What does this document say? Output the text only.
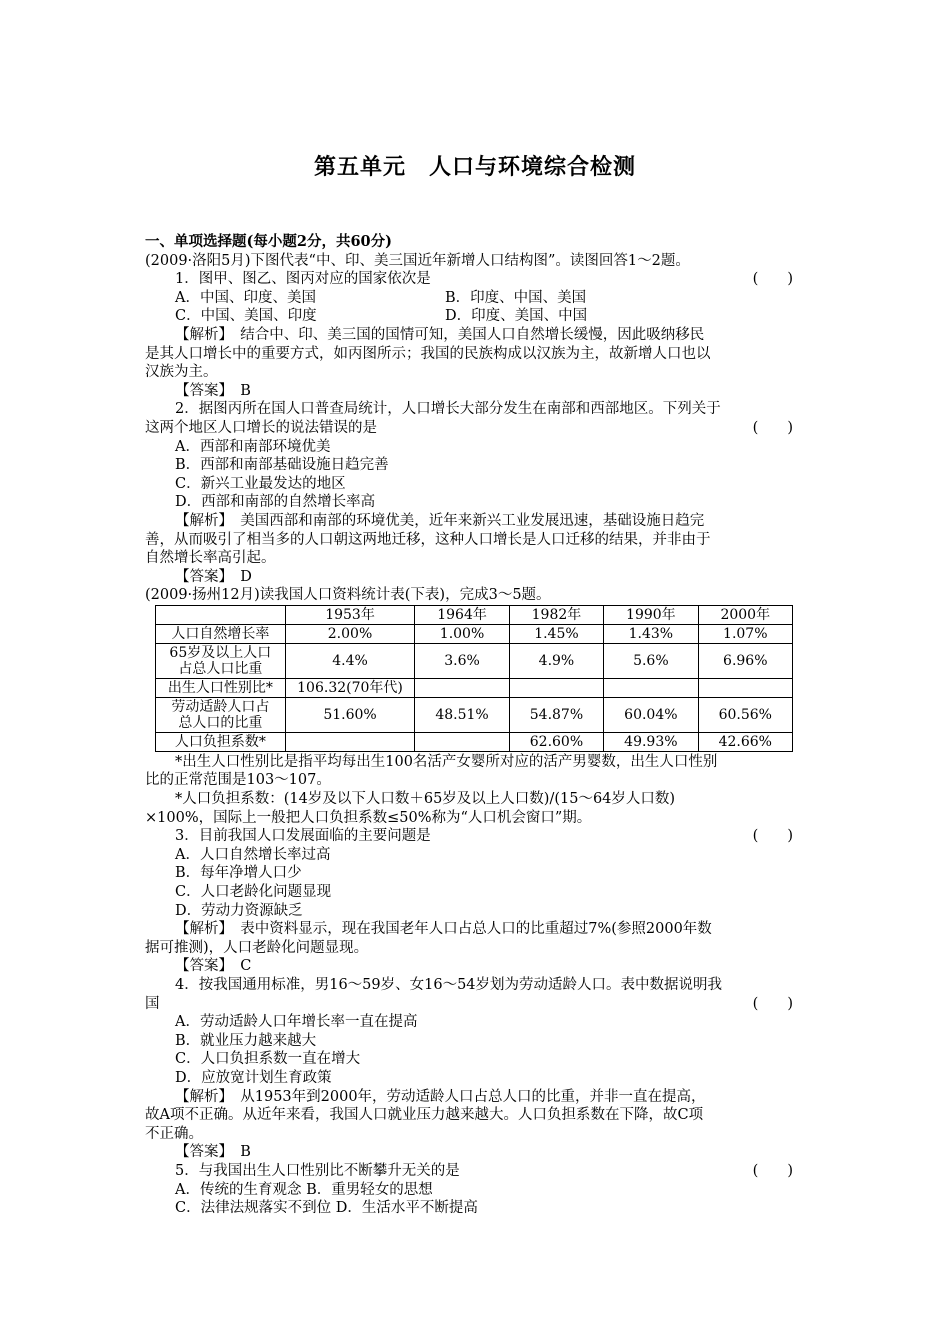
第五单元　人口与环境综合检测
一、单项选择题(每小题2分，共60分)
(2009·洛阳5月)下图代表“中、印、美三国近年新增人口结构图”。读图回答1～2题。
1．图甲、图乙、图丙对应的国家依次是	(　　)
A．中国、印度、美国	B．印度、中国、美国
C．中国、美国、印度	D．印度、美国、中国
【解析】　结合中、印、美三国的国情可知，美国人口自然增长缓慢，因此吸纳移民
是其人口增长中的重要方式，如丙图所示；我国的民族构成以汉族为主，故新增人口也以
汉族为主。
【答案】　B
2．据图丙所在国人口普查局统计，人口增长大部分发生在南部和西部地区。下列关于
这两个地区人口增长的说法错误的是	(　　)
A．西部和南部环境优美
B．西部和南部基础设施日趋完善
C．新兴工业最发达的地区
D．西部和南部的自然增长率高
【解析】　美国西部和南部的环境优美，近年来新兴工业发展迅速，基础设施日趋完
善，从而吸引了相当多的人口朝这两地迁移，这种人口增长是人口迁移的结果，并非由于
自然增长率高引起。
【答案】　D
(2009·扬州12月)读我国人口资料统计表(下表)，完成3～5题。
	1953年	1964年	1982年	1990年	2000年

人口自然增长率	2.00%	1.00%	1.45%	1.43%	1.07%

65岁及以上人口
占总人口比重	4.4%	3.6%	4.9%	5.6%	6.96%

出生人口性别比*	106.32(70年代)				

劳动适龄人口占
总人口的比重	51.60%	48.51%	54.87%	60.04%	60.56%

人口负担系数*			62.60%	49.93%	42.66%
*出生人口性别比是指平均每出生100名活产女婴所对应的活产男婴数，出生人口性别
比的正常范围是103～107。
*人口负担系数：(14岁及以下人口数＋65岁及以上人口数)/(15～64岁人口数)
×100%，国际上一般把人口负担系数≤50%称为“人口机会窗口”期。
3．目前我国人口发展面临的主要问题是	(　　)
A．人口自然增长率过高
B．每年净增人口少
C．人口老龄化问题显现
D．劳动力资源缺乏
【解析】　表中资料显示，现在我国老年人口占总人口的比重超过7%(参照2000年数
据可推测)，人口老龄化问题显现。
【答案】　C
4．按我国通用标准，男16～59岁、女16～54岁划为劳动适龄人口。表中数据说明我
国	(　　)
A．劳动适龄人口年增长率一直在提高
B．就业压力越来越大
C．人口负担系数一直在增大
D．应放宽计划生育政策
【解析】　从1953年到2000年，劳动适龄人口占总人口的比重，并非一直在提高，
故A项不正确。从近年来看，我国人口就业压力越来越大。人口负担系数在下降，故C项
不正确。
【答案】　B
5．与我国出生人口性别比不断攀升无关的是	(　　)
A．传统的生育观念 B．重男轻女的思想
C．法律法规落实不到位 D．生活水平不断提高
